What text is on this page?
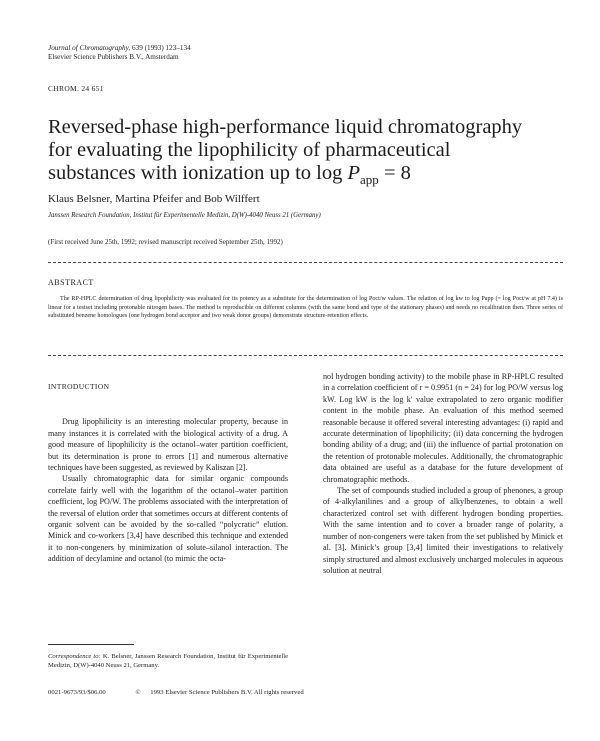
Journal of Chromatography, 639 (1993) 123–134
Elsevier Science Publishers B.V., Amsterdam
CHROM. 24 651
Reversed-phase high-performance liquid chromatography
for evaluating the lipophilicity of pharmaceutical
substances with ionization up to $\log P_{app} = 8$
Klaus Belsner, Martina Pfeifer and Bob Wilffert
Janssen Research Foundation, Institut für Experimentelle Medizin, D(W)-4040 Neuss 21 (Germany)
(First received June 25th, 1992; revised manuscript received September 25th, 1992)
ABSTRACT
The RP-HPLC determination of drug lipophilicity was evaluated for its potency as a substitute for the determination of log Poct/w values. The relation of log kw to log Papp (= log Poct/w at pH 7.4) is linear for a testset including protonable nitrogen bases. The method is reproducible on different columns (with the same bond and type of the stationary phases) and needs no recalibration then. Three series of substituted benzene homologues (one hydrogen bond acceptor and two weak donor groups) demonstrate structure-retention effects.
INTRODUCTION

Drug lipophilicity is an interesting molecular property, because in many instances it is correlated with the biological activity of a drug. A good measure of lipophilicity is the octanol–water partition coefficient, but its determination is prone to errors [1] and numerous alternative techniques have been suggested, as reviewed by Kaliszan [2].

Usually chromatographic data for similar organic compounds correlate fairly well with the logarithm of the octanol–water partition coefficient, log PO/W. The problems associated with the interpretation of the reversal of elution order that sometimes occurs at different contents of organic solvent can be avoided by the so-called “polycratic” elution. Minick and co-workers [3,4] have described this technique and extended it to non-congeners by minimization of solute–silanol interaction. The addition of decylamine and octanol (to mimic the octa-

nol hydrogen bonding activity) to the mobile phase in RP-HPLC resulted in a correlation coefficient of r = 0.9951 (n = 24) for log PO/W versus log kW. Log kW is the log k′ value extrapolated to zero organic modifier content in the mobile phase. An evaluation of this method seemed reasonable because it offered several interesting advantages: (i) rapid and accurate determination of lipophilicity; (ii) data concerning the hydrogen bonding ability of a drug; and (iii) the influence of partial protonation on the retention of protonable molecules. Additionally, the chromatographic data obtained are useful as a database for the future development of chromatographic methods.

The set of compounds studied included a group of phenones, a group of 4-alkylanilines and a group of alkylbenzenes, to obtain a well characterized control set with different hydrogen bonding properties. With the same intention and to cover a broader range of polarity, a number of non-congeners were taken from the set published by Minick et al. [3]. Minick’s group [3,4] limited their investigations to relatively simply structured and almost exclusively uncharged molecules in aqueous solution at neutral

Correspondence to: K. Belsner, Janssen Research Foundation, Institut für Experimentelle Medizin, D(W)-4040 Neuss 21, Germany.
0021-9673/93/$06.00	© 1993 Elsevier Science Publishers B.V. All rights reserved
